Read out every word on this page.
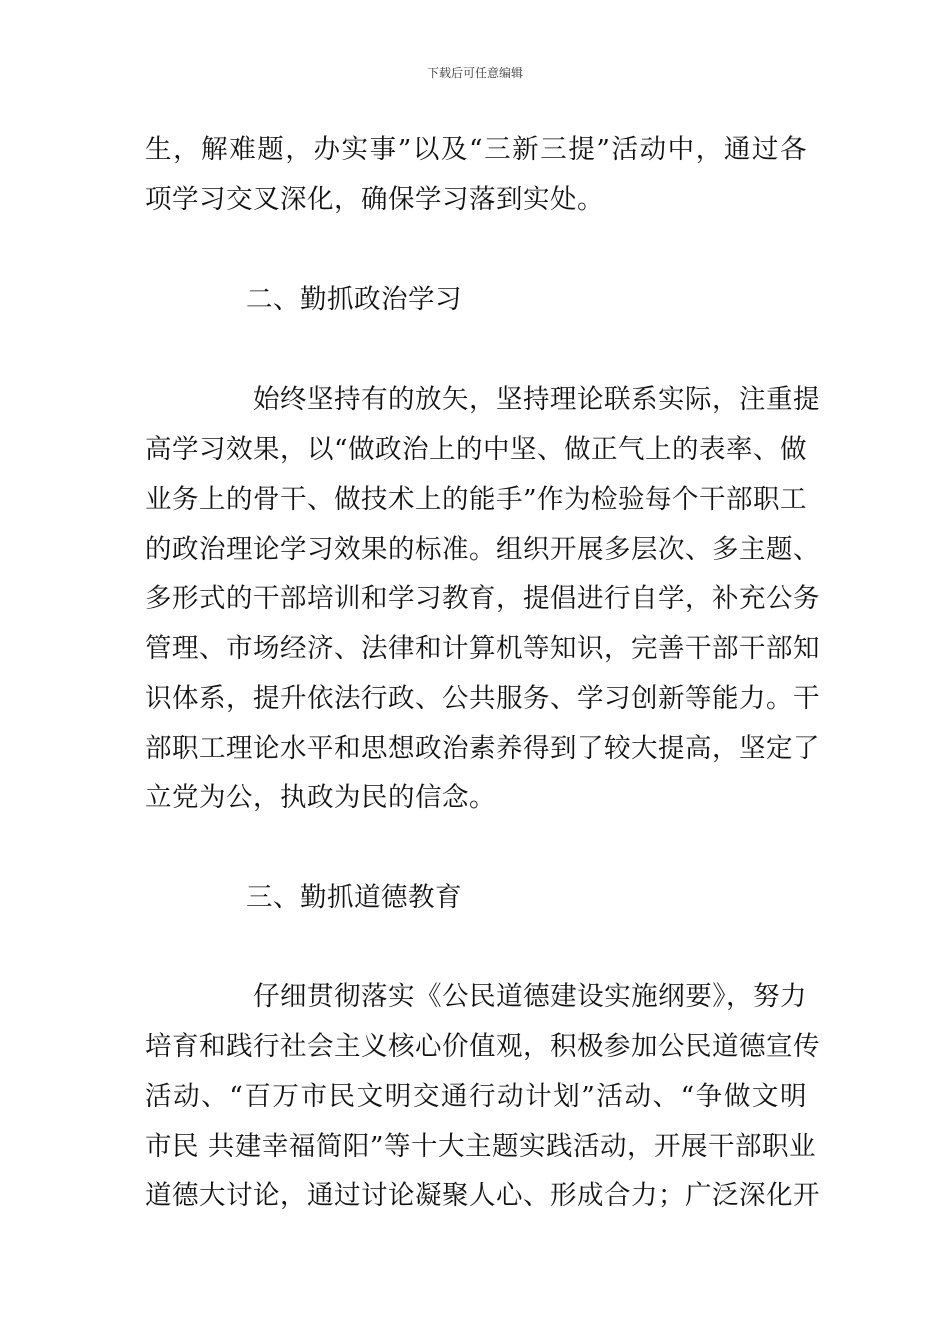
下载后可任意编辑
生，解难题，办实事”以及“三新三提”活动中，通过各
项学习交叉深化，确保学习落到实处。
二、勤抓政治学习
始终坚持有的放矢，坚持理论联系实际，注重提
高学习效果，以“做政治上的中坚、做正气上的表率、做
业务上的骨干、做技术上的能手”作为检验每个干部职工
的政治理论学习效果的标准。组织开展多层次、多主题、
多形式的干部培训和学习教育，提倡进行自学，补充公务
管理、市场经济、法律和计算机等知识，完善干部干部知
识体系，提升依法行政、公共服务、学习创新等能力。干
部职工理论水平和思想政治素养得到了较大提高，坚定了
立党为公，执政为民的信念。
三、勤抓道德教育
仔细贯彻落实《公民道德建设实施纲要》，努力
培育和践行社会主义核心价值观，积极参加公民道德宣传
活动、“百万市民文明交通行动计划”活动、“争做文明
市民 共建幸福简阳”等十大主题实践活动，开展干部职业
道德大讨论，通过讨论凝聚人心、形成合力；广泛深化开
